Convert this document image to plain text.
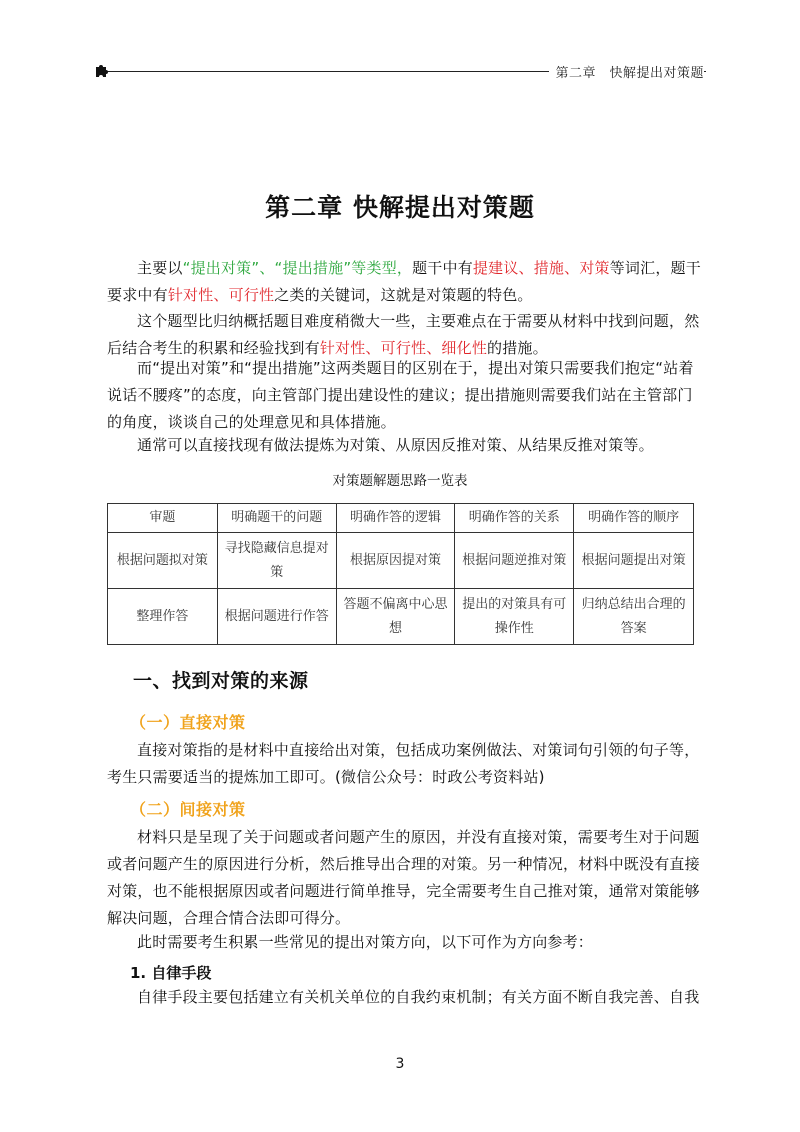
第二章　快解提出对策题
第二章 快解提出对策题

主要以“提出对策”、“提出措施”等类型，题干中有提建议、措施、对策等词汇，题干要求中有针对性、可行性之类的关键词，这就是对策题的特色。

这个题型比归纳概括题目难度稍微大一些，主要难点在于需要从材料中找到问题，然后结合考生的积累和经验找到有针对性、可行性、细化性的措施。

而“提出对策”和“提出措施”这两类题目的区别在于，提出对策只需要我们抱定“站着说话不腰疼”的态度，向主管部门提出建设性的建议；提出措施则需要我们站在主管部门的角度，谈谈自己的处理意见和具体措施。

通常可以直接找现有做法提炼为对策、从原因反推对策、从结果反推对策等。

对策题解题思路一览表
审题	明确题干的问题	明确作答的逻辑	明确作答的关系	明确作答的顺序
根据问题拟对策	寻找隐藏信息提对策	根据原因提对策	根据问题逆推对策	根据问题提出对策
整理作答	根据问题进行作答	答题不偏离中心思想	提出的对策具有可操作性	归纳总结出合理的答案
一、找到对策的来源
（一）直接对策

直接对策指的是材料中直接给出对策，包括成功案例做法、对策词句引领的句子等，考生只需要适当的提炼加工即可。(微信公众号：时政公考资料站)

（二）间接对策

材料只是呈现了关于问题或者问题产生的原因，并没有直接对策，需要考生对于问题或者问题产生的原因进行分析，然后推导出合理的对策。另一种情况，材料中既没有直接对策，也不能根据原因或者问题进行简单推导，完全需要考生自己推对策，通常对策能够解决问题，合理合情合法即可得分。

此时需要考生积累一些常见的提出对策方向，以下可作为方向参考：

1. 自律手段

自律手段主要包括建立有关机关单位的自我约束机制；有关方面不断自我完善、自我

3
